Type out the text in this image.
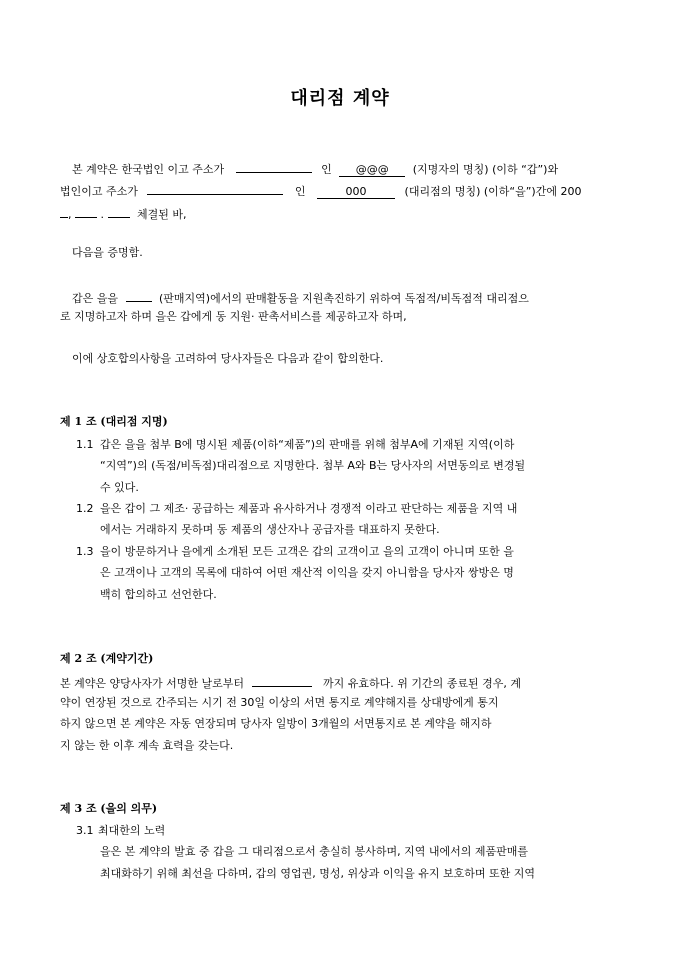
대리점 계약
본 계약은 한국법인 이고 주소가	인 @@@ (지명자의 명칭) (이하 “갑”)와
법인이고 주소가	인	000	(대리점의 명칭) (이하“을”)간에 200
,  .	체결된 바,
다음을 증명함.
갑은 을을	(판매지역)에서의 판매활동을 지원촉진하기 위하여 독점적/비독점적 대리점으
로 지명하고자 하며 을은 갑에게 동 지원· 판촉서비스를 제공하고자 하며,
이에 상호합의사항을 고려하여 당사자들은 다음과 같이 합의한다.
제 1 조 (대리점 지명)
1.1 갑은 을을 첨부 B에 명시된 제품(이하“제품”)의 판매를 위해 첨부A에 기재된 지역(이하
“지역”)의 (독점/비독점)대리점으로 지명한다. 첨부 A와 B는 당사자의 서면동의로 변경될
수 있다.
1.2 을은 갑이 그 제조· 공급하는 제품과 유사하거나 경쟁적 이라고 판단하는 제품을 지역 내
에서는 거래하지 못하며 동 제품의 생산자나 공급자를 대표하지 못한다.
1.3 을이 방문하거나 을에게 소개된 모든 고객은 갑의 고객이고 을의 고객이 아니며 또한 을
은 고객이나 고객의 목록에 대하여 어떤 재산적 이익을 갖지 아니함을 당사자 쌍방은 명
백히 합의하고 선언한다.
제 2 조 (계약기간)
본 계약은 양당사자가 서명한 날로부터	까지 유효하다. 위 기간의 종료된 경우, 계
약이 연장된 것으로 간주되는 시기 전 30일 이상의 서면 통지로 계약해지를 상대방에게 통지
하지 않으면 본 계약은 자동 연장되며 당사자 일방이 3개월의 서면통지로 본 계약을 해지하
지 않는 한 이후 계속 효력을 갖는다.
제 3 조 (을의 의무)
3.1 최대한의 노력
을은 본 계약의 발효 중 갑을 그 대리점으로서 충실히 봉사하며, 지역 내에서의 제품판매를
최대화하기 위해 최선을 다하며, 갑의 영업권, 명성, 위상과 이익을 유지 보호하며 또한 지역
